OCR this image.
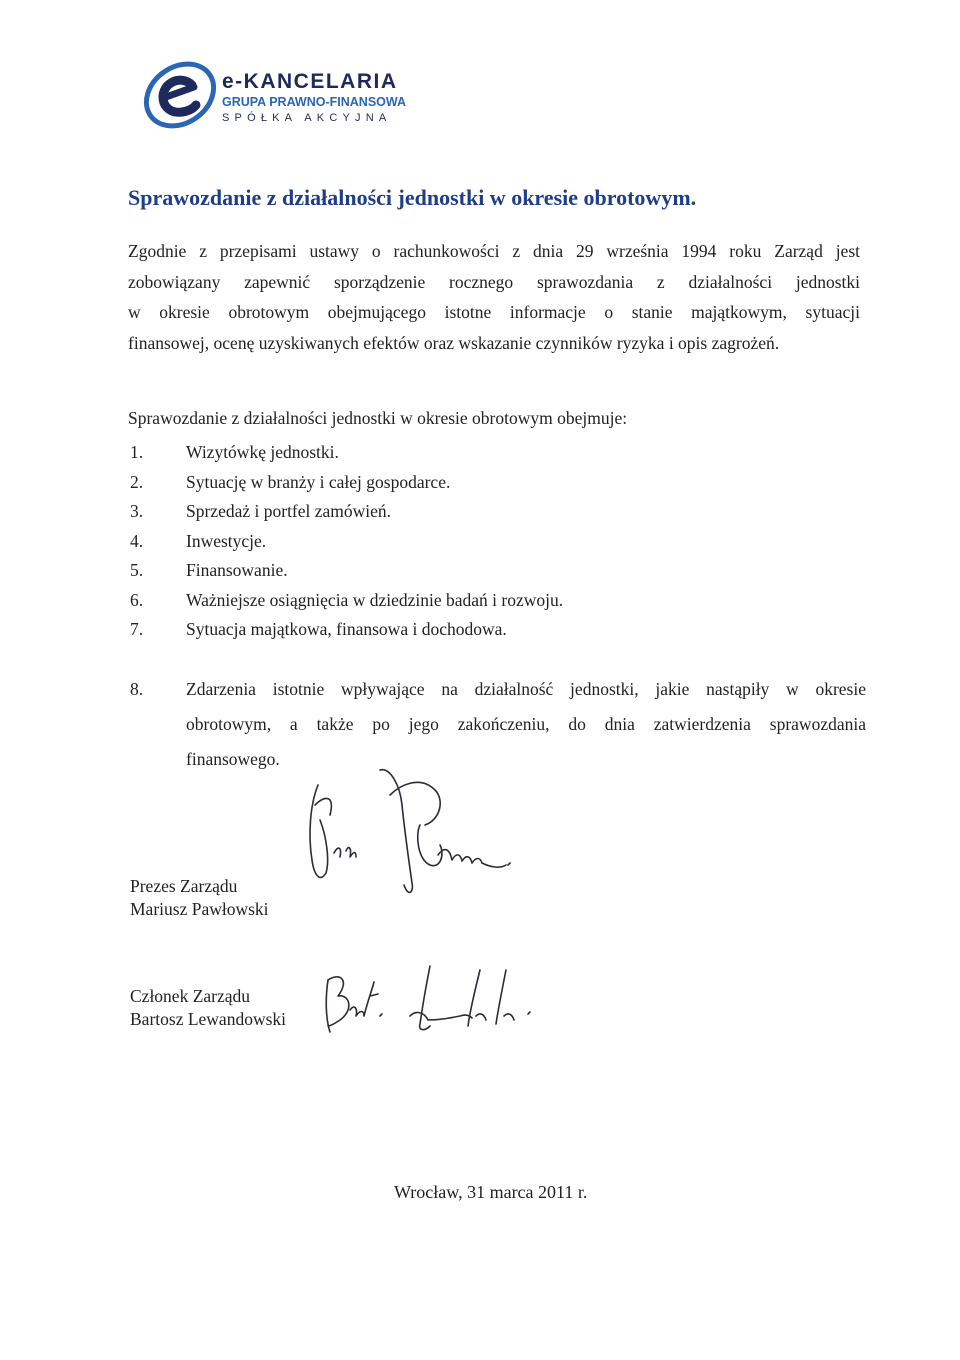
e-KANCELARIA
GRUPA PRAWNO-FINANSOWA
SPÓŁKA AKCYJNA
Sprawozdanie z działalności jednostki w okresie obrotowym.
Zgodnie z przepisami ustawy o rachunkowości z dnia 29 września 1994 roku Zarząd jest
zobowiązany zapewnić sporządzenie rocznego sprawozdania z działalności jednostki
w okresie obrotowym obejmującego istotne informacje o stanie majątkowym, sytuacji
finansowej, ocenę uzyskiwanych efektów oraz wskazanie czynników ryzyka i opis zagrożeń.
Sprawozdanie z działalności jednostki w okresie obrotowym obejmuje:
1. Wizytówkę jednostki.
2. Sytuację w branży i całej gospodarce.
3. Sprzedaż i portfel zamówień.
4. Inwestycje.
5. Finansowanie.
6. Ważniejsze osiągnięcia w dziedzinie badań i rozwoju.
7. Sytuacja majątkowa, finansowa i dochodowa.
8. Zdarzenia istotnie wpływające na działalność jednostki, jakie nastąpiły w okresie
obrotowym, a także po jego zakończeniu, do dnia zatwierdzenia sprawozdania
finansowego.
Prezes Zarządu
Mariusz Pawłowski
Członek Zarządu
Bartosz Lewandowski
Wrocław, 31 marca 2011 r.
